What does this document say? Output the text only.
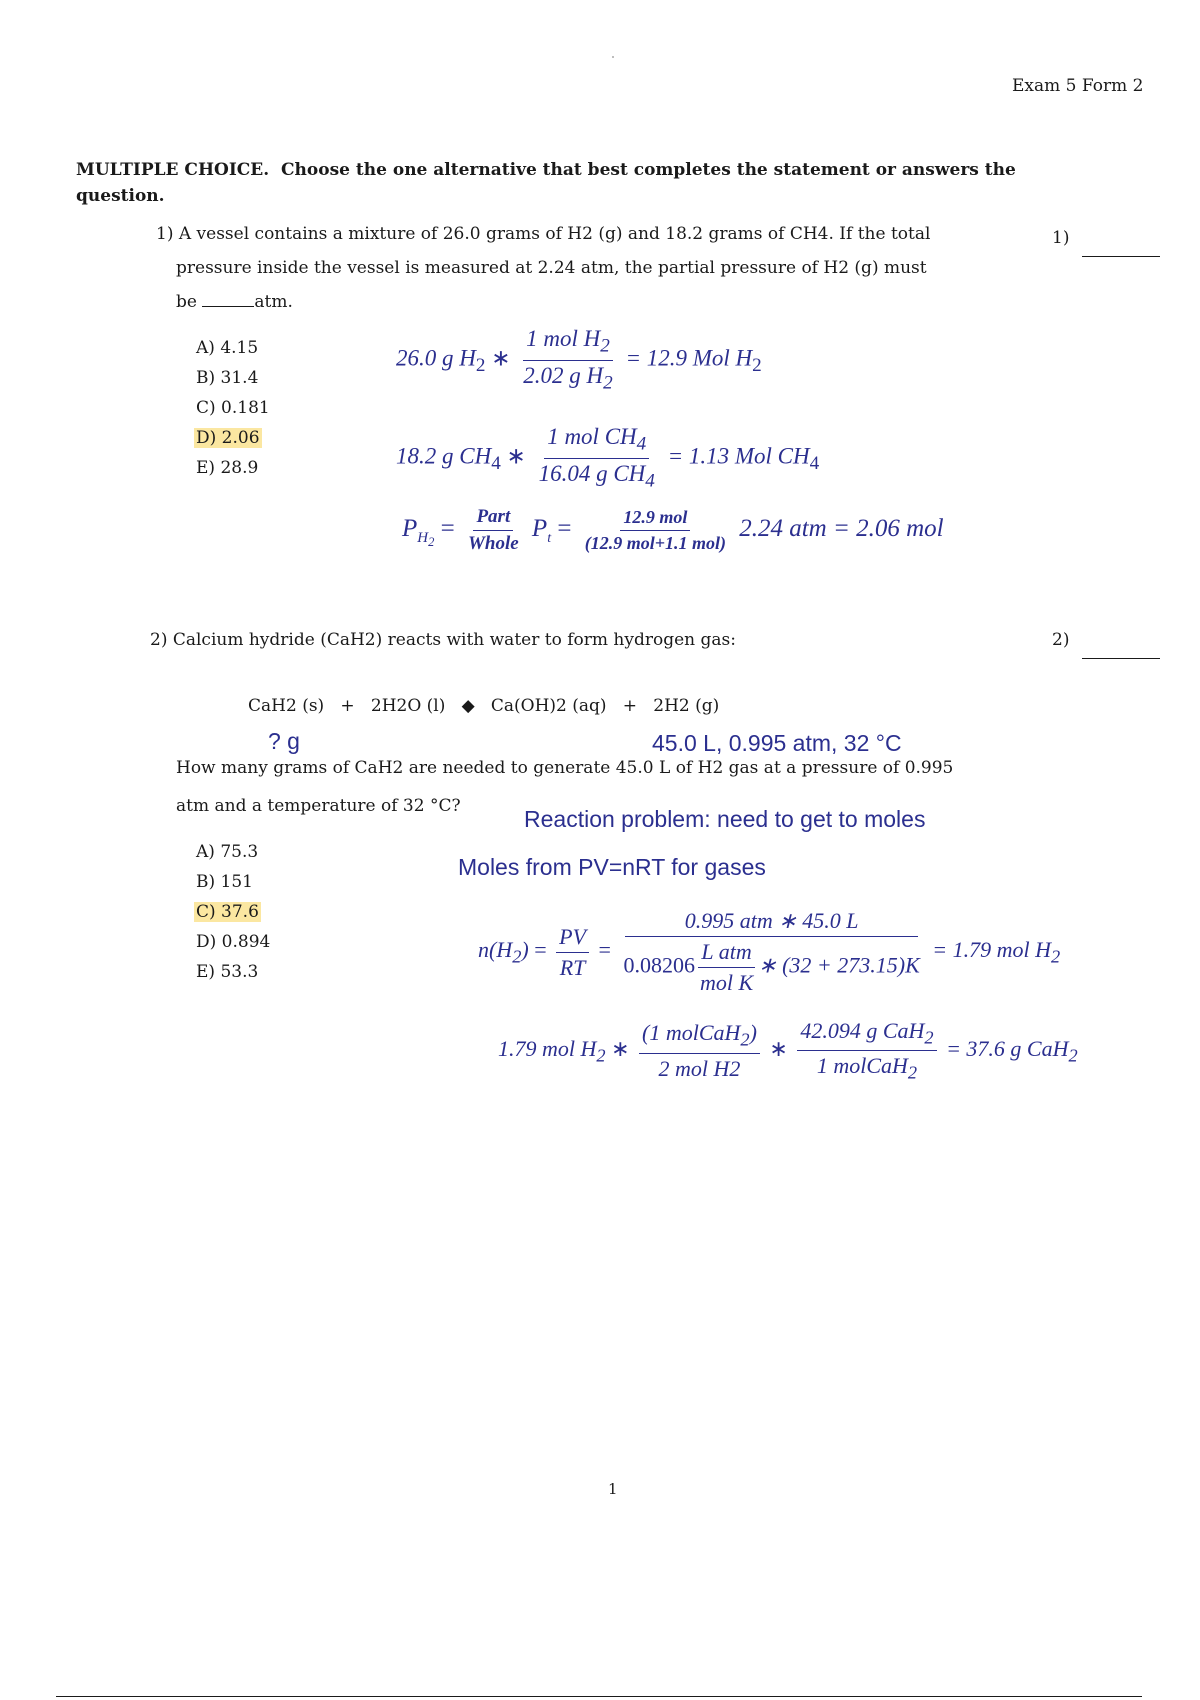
Exam 5 Form 2
MULTIPLE CHOICE. Choose the one alternative that best completes the statement or answers the
question.
1) A vessel contains a mixture of 26.0 grams of H2 (g) and 18.2 grams of CH4. If the total	1)
pressure inside the vessel is measured at 2.24 atm, the partial pressure of H2 (g) must
be	atm.
A) 4.15
B) 31.4
C) 0.181
D) 2.06
E) 28.9
26.0 g $H_2$ ∗ $\frac{1 mol H_2}{2.02 g H_2} = 12.9$ Mol $H_2$
18.2 g $CH_4$ ∗ $\frac{1 mol CH_4}{16.04 g CH_4} = 1.13$ Mol $CH_4$
$P_{H_2} = \frac{\text{Part}}{\text{Whole}} P_t = \frac{\text{12.9 mol}}{\text{(12.9 mol+1.1 mol)}} 2.24$ atm = 2.06 mol
2) Calcium hydride (CaH2) reacts with water to form hydrogen gas:	2)
CaH2 (s) + 2H2O (l) ◆ Ca(OH)2 (aq) + 2H2 (g)
? g	45.0 L, 0.995 atm, 32 °C
How many grams of CaH2 are needed to generate 45.0 L of H2 gas at a pressure of 0.995
atm and a temperature of 32 °C?	Reaction problem: need to get to moles
Moles from PV=nRT for gases
A) 75.3
B) 151
C) 37.6
D) 0.894
E) 53.3
$n(H_2) = \frac{PV}{RT} = \frac{\text{0.995 atm ∗ 45.0 L}}{0.08206 \frac{\text{L atm}}{\text{mol K}} ∗ (32 + 273.15)K} = 1.79$ mol $H_2$
1.79 mol $H_2$ ∗ $\frac{(1 molCaH_2)}{\text{2 mol H2}}$ ∗ $\frac{42.094 g CaH_2}{1 molCaH_2} = 37.6$ g CaH$_2$
1
